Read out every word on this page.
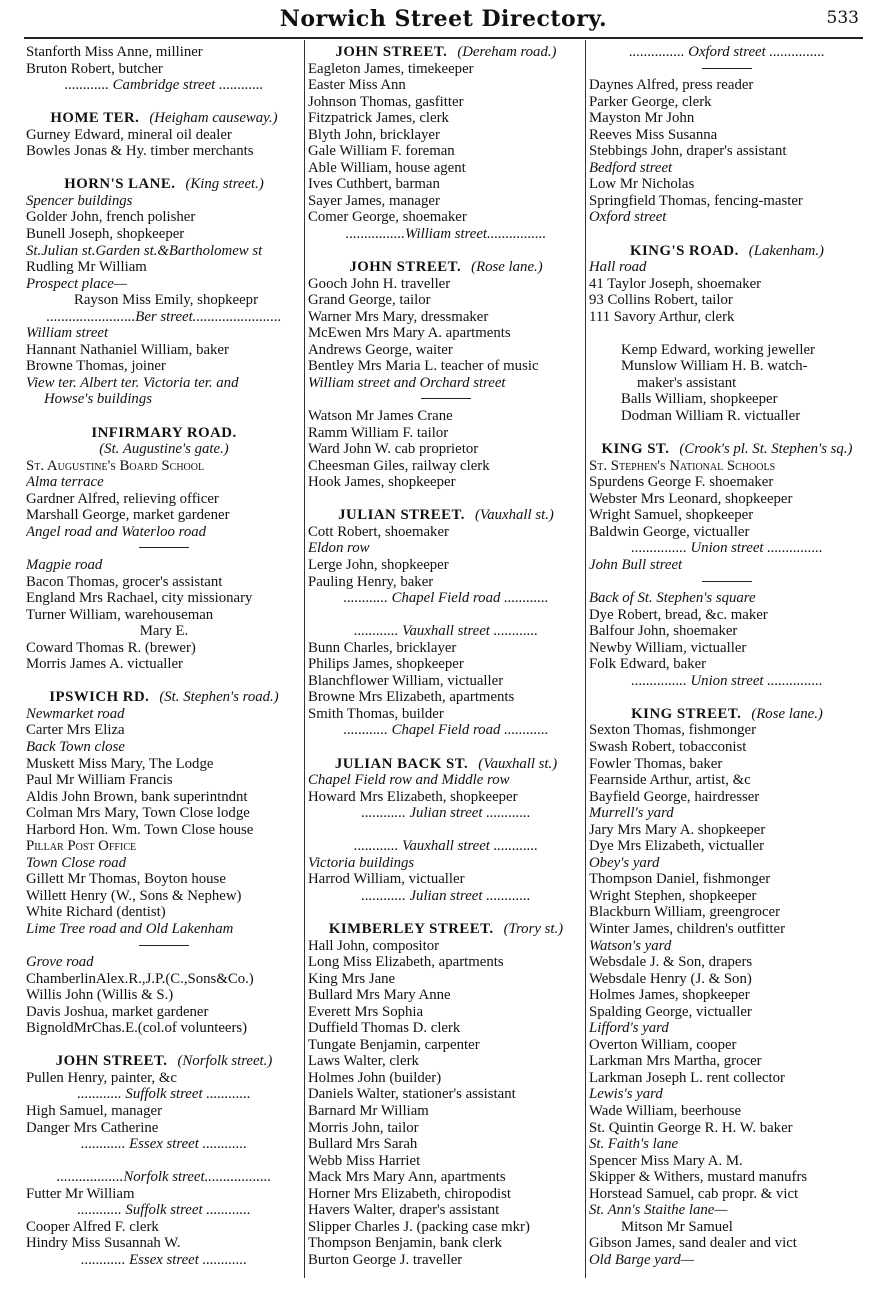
Norwich Street Directory.	533
Stanforth Miss Anne, milliner
Bruton Robert, butcher
............ Cambridge street ............
HOME TER. (Heigham causeway.)
Gurney Edward, mineral oil dealer
Bowles Jonas & Hy. timber merchants
HORN'S LANE. (King street.)
Spencer buildings
Golder John, french polisher
Bunell Joseph, shopkeeper
St.Julian st.Garden st.&Bartholomew st
Rudling Mr William
Prospect place—
Rayson Miss Emily, shopkeepr
........................Ber street........................
William street
Hannant Nathaniel William, baker
Browne Thomas, joiner
View ter. Albert ter. Victoria ter. and
Howse's buildings
INFIRMARY ROAD.
(St. Augustine's gate.)
St. Augustine's Board School
Alma terrace
Gardner Alfred, relieving officer
Marshall George, market gardener
Angel road and Waterloo road
Magpie road
Bacon Thomas, grocer's assistant
England Mrs Rachael, city missionary
Turner William, warehouseman
Mary E.
Coward Thomas R. (brewer)
Morris James A. victualler
IPSWICH RD. (St. Stephen's road.)
Newmarket road
Carter Mrs Eliza
Back Town close
Muskett Miss Mary, The Lodge
Paul Mr William Francis
Aldis John Brown, bank superintndnt
Colman Mrs Mary, Town Close lodge
Harbord Hon. Wm. Town Close house
Pillar Post Office
Town Close road
Gillett Mr Thomas, Boyton house
Willett Henry (W., Sons & Nephew)
White Richard (dentist)
Lime Tree road and Old Lakenham
Grove road
ChamberlinAlex.R.,J.P.(C.,Sons&Co.)
Willis John (Willis & S.)
Davis Joshua, market gardener
BignoldMrChas.E.(col.of volunteers)
JOHN STREET. (Norfolk street.)
Pullen Henry, painter, &c
............ Suffolk street ............
High Samuel, manager
Danger Mrs Catherine
............ Essex street ............
..................Norfolk street..................
Futter Mr William
............ Suffolk street ............
Cooper Alfred F. clerk
Hindry Miss Susannah W.
............ Essex street ............
JOHN STREET. (Dereham road.)
Eagleton James, timekeeper
Easter Miss Ann
Johnson Thomas, gasfitter
Fitzpatrick James, clerk
Blyth John, bricklayer
Gale William F. foreman
Able William, house agent
Ives Cuthbert, barman
Sayer James, manager
Comer George, shoemaker
................William street................
JOHN STREET. (Rose lane.)
Gooch John H. traveller
Grand George, tailor
Warner Mrs Mary, dressmaker
McEwen Mrs Mary A. apartments
Andrews George, waiter
Bentley Mrs Maria L. teacher of music
William street and Orchard street
Watson Mr James Crane
Ramm William F. tailor
Ward John W. cab proprietor
Cheesman Giles, railway clerk
Hook James, shopkeeper
JULIAN STREET. (Vauxhall st.)
Cott Robert, shoemaker
Eldon row
Lerge John, shopkeeper
Pauling Henry, baker
............ Chapel Field road ............
............ Vauxhall street ............
Bunn Charles, bricklayer
Philips James, shopkeeper
Blanchflower William, victualler
Browne Mrs Elizabeth, apartments
Smith Thomas, builder
............ Chapel Field road ............
JULIAN BACK ST. (Vauxhall st.)
Chapel Field row and Middle row
Howard Mrs Elizabeth, shopkeeper
............ Julian street ............
............ Vauxhall street ............
Victoria buildings
Harrod William, victualler
............ Julian street ............
KIMBERLEY STREET. (Trory st.)
Hall John, compositor
Long Miss Elizabeth, apartments
King Mrs Jane
Bullard Mrs Mary Anne
Everett Mrs Sophia
Duffield Thomas D. clerk
Tungate Benjamin, carpenter
Laws Walter, clerk
Holmes John (builder)
Daniels Walter, stationer's assistant
Barnard Mr William
Morris John, tailor
Bullard Mrs Sarah
Webb Miss Harriet
Mack Mrs Mary Ann, apartments
Horner Mrs Elizabeth, chiropodist
Havers Walter, draper's assistant
Slipper Charles J. (packing case mkr)
Thompson Benjamin, bank clerk
Burton George J. traveller
............... Oxford street ...............
Daynes Alfred, press reader
Parker George, clerk
Mayston Mr John
Reeves Miss Susanna
Stebbings John, draper's assistant
Bedford street
Low Mr Nicholas
Springfield Thomas, fencing-master
Oxford street
KING'S ROAD. (Lakenham.)
Hall road
41 Taylor Joseph, shoemaker
93 Collins Robert, tailor
111 Savory Arthur, clerk
Kemp Edward, working jeweller
Munslow William H. B. watch-
maker's assistant
Balls William, shopkeeper
Dodman William R. victualler
KING ST. (Crook's pl. St. Stephen's sq.)
St. Stephen's National Schools
Spurdens George F. shoemaker
Webster Mrs Leonard, shopkeeper
Wright Samuel, shopkeeper
Baldwin George, victualler
............... Union street ...............
John Bull street
Back of St. Stephen's square
Dye Robert, bread, &c. maker
Balfour John, shoemaker
Newby William, victualler
Folk Edward, baker
............... Union street ...............
KING STREET. (Rose lane.)
Sexton Thomas, fishmonger
Swash Robert, tobacconist
Fowler Thomas, baker
Fearnside Arthur, artist, &c
Bayfield George, hairdresser
Murrell's yard
Jary Mrs Mary A. shopkeeper
Dye Mrs Elizabeth, victualler
Obey's yard
Thompson Daniel, fishmonger
Wright Stephen, shopkeeper
Blackburn William, greengrocer
Winter James, children's outfitter
Watson's yard
Websdale J. & Son, drapers
Websdale Henry (J. & Son)
Holmes James, shopkeeper
Spalding George, victualler
Lifford's yard
Overton William, cooper
Larkman Mrs Martha, grocer
Larkman Joseph L. rent collector
Lewis's yard
Wade William, beerhouse
St. Quintin George R. H. W. baker
St. Faith's lane
Spencer Miss Mary A. M.
Skipper & Withers, mustard manufrs
Horstead Samuel, cab propr. & vict
St. Ann's Staithe lane—
Mitson Mr Samuel
Gibson James, sand dealer and vict
Old Barge yard—
